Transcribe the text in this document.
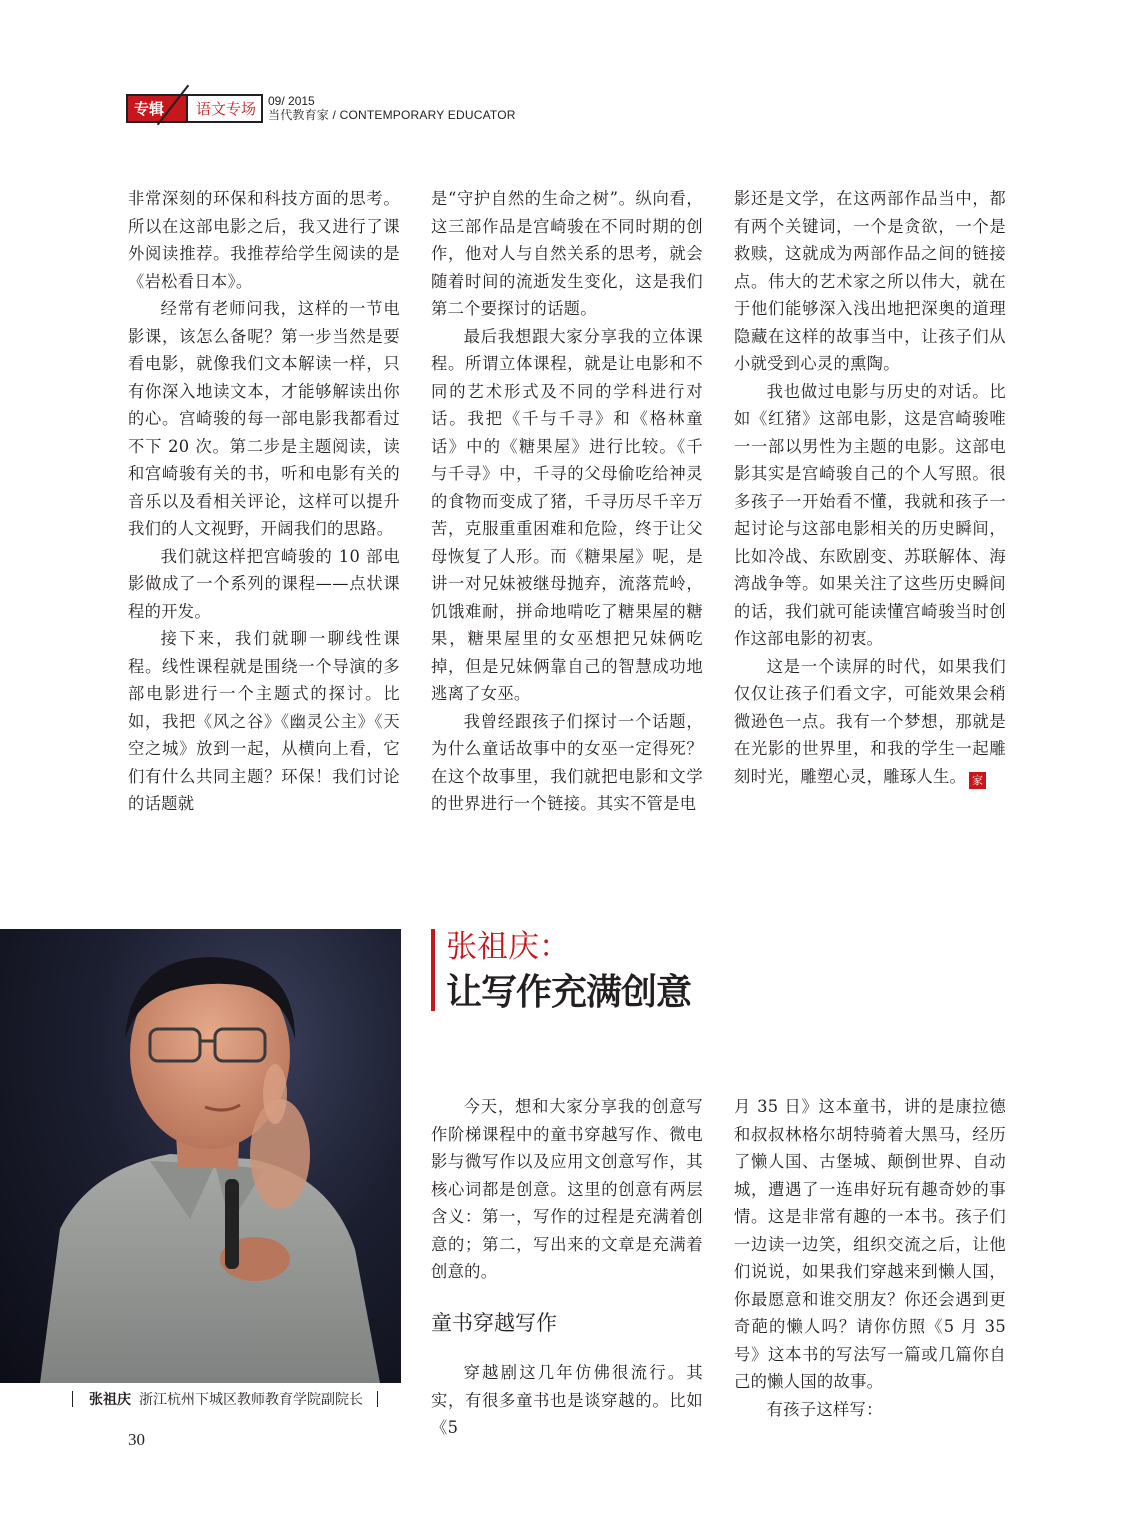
语文专场
专辑	09/ 2015
当代教育家 / CONTEMPORARY EDUCATOR

非常深刻的环保和科技方面的思考。所以在这部电影之后，我又进行了课外阅读推荐。我推荐给学生阅读的是《岩松看日本》。

经常有老师问我，这样的一节电影课，该怎么备呢？第一步当然是要看电影，就像我们文本解读一样，只有你深入地读文本，才能够解读出你的心。宫崎骏的每一部电影我都看过不下 20 次。第二步是主题阅读，读和宫崎骏有关的书，听和电影有关的音乐以及看相关评论，这样可以提升我们的人文视野，开阔我们的思路。

我们就这样把宫崎骏的 10 部电影做成了一个系列的课程——点状课程的开发。

接下来，我们就聊一聊线性课程。线性课程就是围绕一个导演的多部电影进行一个主题式的探讨。比如，我把《风之谷》《幽灵公主》《天空之城》放到一起，从横向上看，它们有什么共同主题？环保！我们讨论的话题就

是“守护自然的生命之树”。纵向看，这三部作品是宫崎骏在不同时期的创作，他对人与自然关系的思考，就会随着时间的流逝发生变化，这是我们第二个要探讨的话题。

最后我想跟大家分享我的立体课程。所谓立体课程，就是让电影和不同的艺术形式及不同的学科进行对话。我把《千与千寻》和《格林童话》中的《糖果屋》进行比较。《千与千寻》中，千寻的父母偷吃给神灵的食物而变成了猪，千寻历尽千辛万苦，克服重重困难和危险，终于让父母恢复了人形。而《糖果屋》呢，是讲一对兄妹被继母抛弃，流落荒岭，饥饿难耐，拼命地啃吃了糖果屋的糖果，糖果屋里的女巫想把兄妹俩吃掉，但是兄妹俩靠自己的智慧成功地逃离了女巫。

我曾经跟孩子们探讨一个话题，为什么童话故事中的女巫一定得死？在这个故事里，我们就把电影和文学的世界进行一个链接。其实不管是电

影还是文学，在这两部作品当中，都有两个关键词，一个是贪欲，一个是救赎，这就成为两部作品之间的链接点。伟大的艺术家之所以伟大，就在于他们能够深入浅出地把深奥的道理隐藏在这样的故事当中，让孩子们从小就受到心灵的熏陶。

我也做过电影与历史的对话。比如《红猪》这部电影，这是宫崎骏唯一一部以男性为主题的电影。这部电影其实是宫崎骏自己的个人写照。很多孩子一开始看不懂，我就和孩子一起讨论与这部电影相关的历史瞬间，比如冷战、东欧剧变、苏联解体、海湾战争等。如果关注了这些历史瞬间的话，我们就可能读懂宫崎骏当时创作这部电影的初衷。

这是一个读屏的时代，如果我们仅仅让孩子们看文字，可能效果会稍微逊色一点。我有一个梦想，那就是在光影的世界里，和我的学生一起雕刻时光，雕塑心灵，雕琢人生。 家

张祖庆 浙江杭州下城区教师教育学院副院长
张祖庆：
让写作充满创意

今天，想和大家分享我的创意写作阶梯课程中的童书穿越写作、微电影与微写作以及应用文创意写作，其核心词都是创意。这里的创意有两层含义：第一，写作的过程是充满着创意的；第二，写出来的文章是充满着创意的。

童书穿越写作

穿越剧这几年仿佛很流行。其实，有很多童书也是谈穿越的。比如《5

月 35 日》这本童书，讲的是康拉德和叔叔林格尔胡特骑着大黑马，经历了懒人国、古堡城、颠倒世界、自动城，遭遇了一连串好玩有趣奇妙的事情。这是非常有趣的一本书。孩子们一边读一边笑，组织交流之后，让他们说说，如果我们穿越来到懒人国，你最愿意和谁交朋友？你还会遇到更奇葩的懒人吗？请你仿照《5 月 35 号》这本书的写法写一篇或几篇你自己的懒人国的故事。

有孩子这样写：

30
